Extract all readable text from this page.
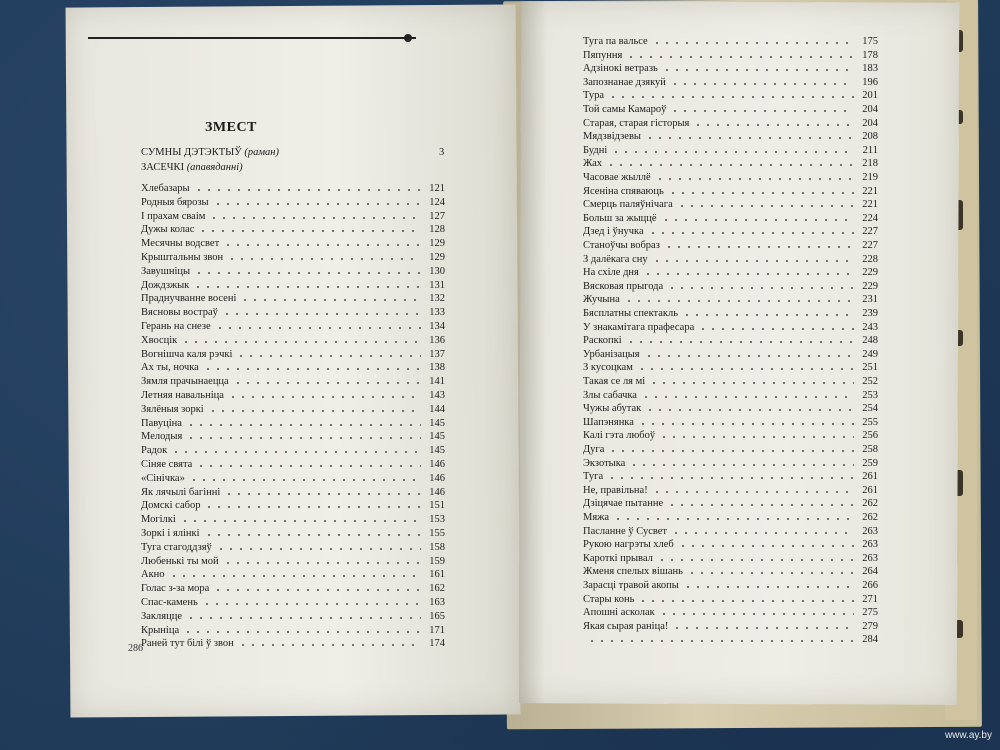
ЗМЕСТ
СУМНЫ ДЭТЭКТЫЎ (раман)	3
ЗАСЕЧКІ (апавяданні)
Хлебазары	121
Родныя бярозы	124
І прахам сваім	127
Дужы колас	128
Месячны водсвет	129
Крыштальны звон	129
Завушніцы	130
Дождзжык	131
Праднучванне восені	132
Вясновы востраў	133
Герань на снезе	134
Хвосцік	136
Вогнішча каля рэчкі	137
Ах ты, ночка	138
Зямля прачынаецца	141
Летняя навальніца	143
Зялёныя зоркі	144
Павуціна	145
Мелодыя	145
Радок	145
Сіняе свята	146
«Сінічка»	146
Як лячылі багінні	146
Домскі сабор	151
Могілкі	153
Зоркі і ялінкі	155
Туга стагоддзяў	158
Любенькі ты мой	159
Акно	161
Голас з-за мора	162
Спас-камень	163
Закляцце	165
Крыніца	171
Раней тут білі ў звон	174
Туга па вальсе	175
Пяпуння	178
Адзінокі ветразь	183
Запознанае дзякуй	196
Тура	201
Той самы Камароў	204
Старая, старая гісторыя	204
Мядзвідзевы	208
Будні	211
Жах	218
Часовае жыллё	219
Ясеніна спяваюць	221
Смерць паляўнічага	221
Больш за жыццё	224
Дзед і ўнучка	227
Станоўчы вобраз	227
З далёкага сну	228
На схіле дня	229
Вясковая прыгода	229
Жучына	231
Бясплатны спектакль	239
У знакамітага прафесара	243
Раскопкі	248
Урбанізацыя	249
З кусоцкам	251
Такая се ля мі	252
Злы сабачка	253
Чужы абутак	254
Шапэнянка	255
Калі гэта любоў	256
Дуга	258
Экзотыка	259
Туга	261
Не, правільна!	261
Дзіцячае пытанне	262
Мяжа	262
Пасланне ў Сусвет	263
Рукою нагрэты хлеб	263
Кароткі прывал	263
Жменя спелых вішань	264
Зарасці травой акопы	266
Стары конь	271
Апошні асколак	275
Якая сырая раніца!	279
284
286
www.ay.by
